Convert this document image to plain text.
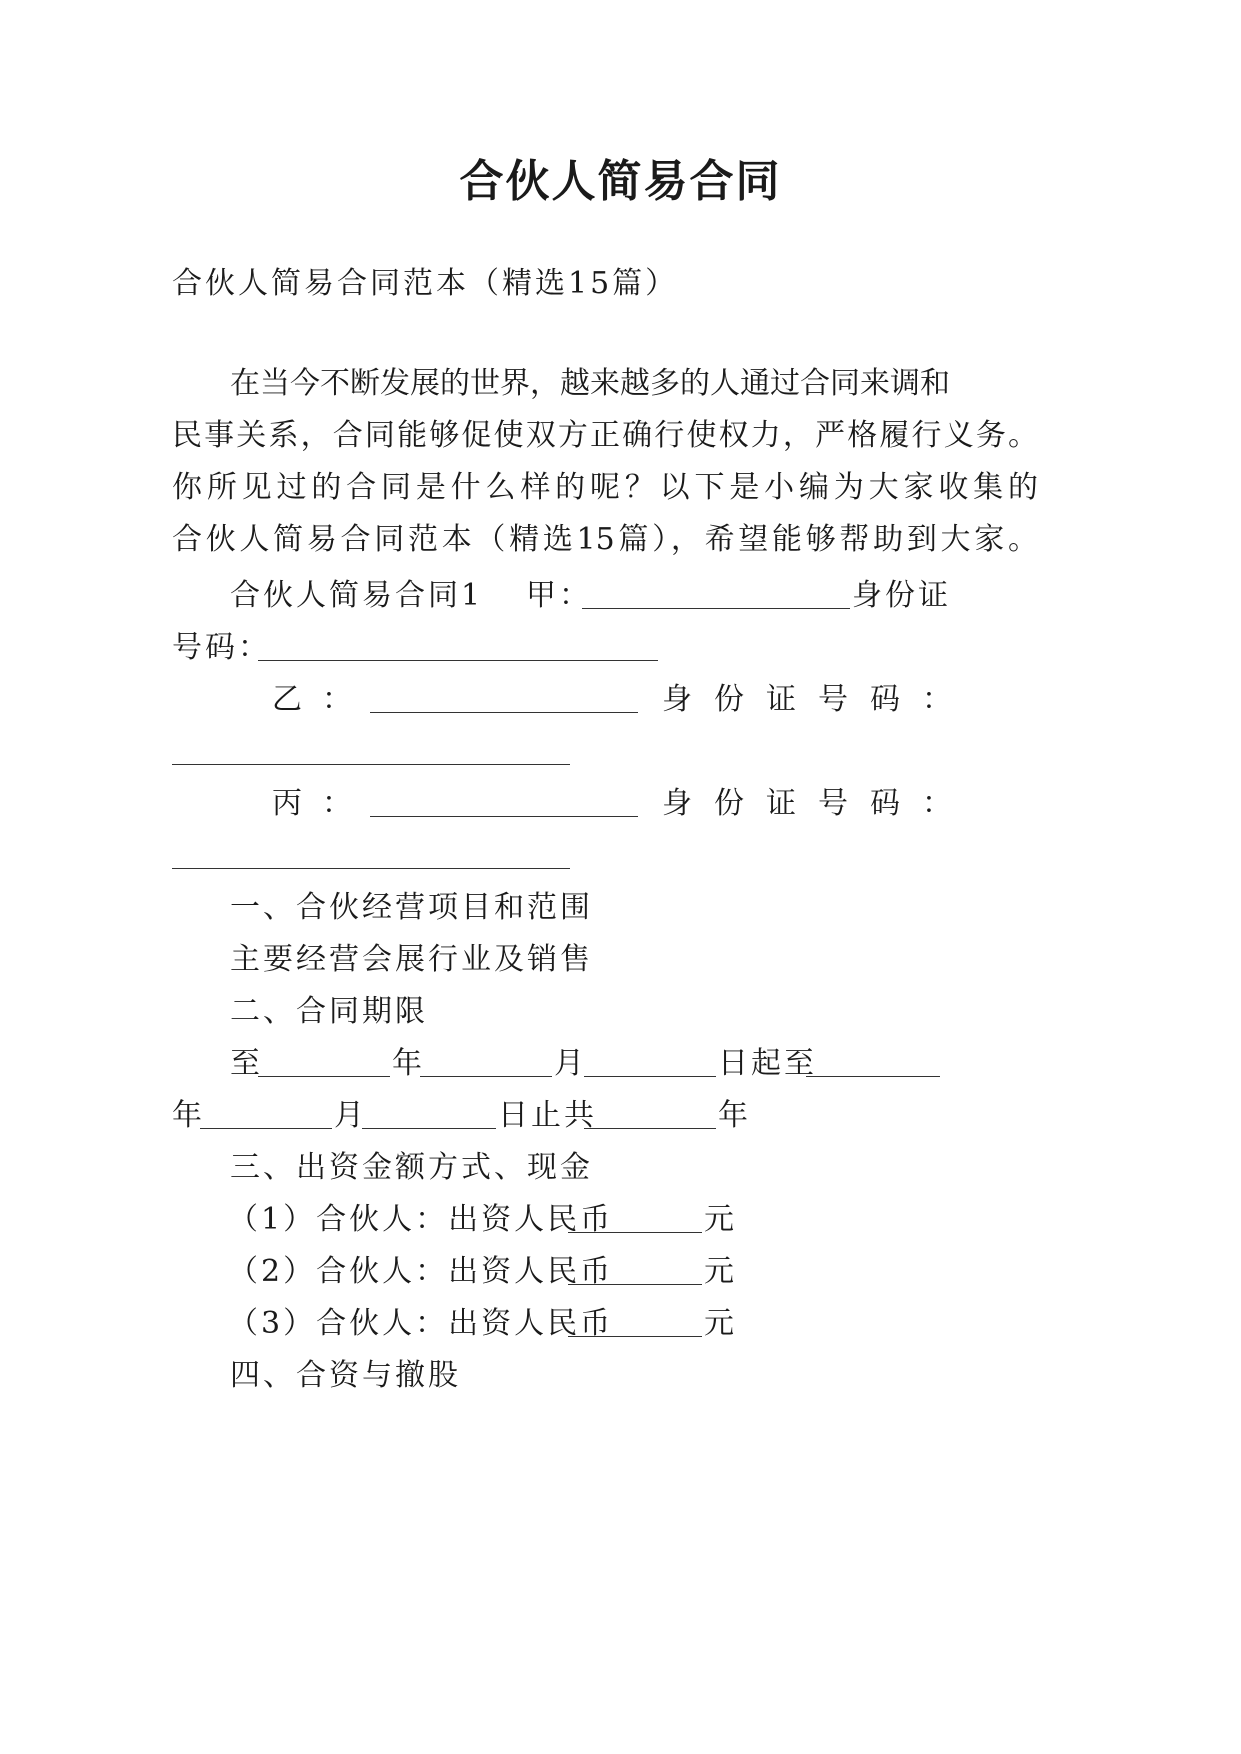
合伙人简易合同
合伙人简易合同范本（精选15篇）
在当今不断发展的世界，越来越多的人通过合同来调和
民事关系，合同能够促使双方正确行使权力，严格履行义务。
你所见过的合同是什么样的呢？以下是小编为大家收集的
合伙人简易合同范本（精选15篇），希望能够帮助到大家。
合伙人简易合同1 甲：	身份证
号码：
乙：	身份证号码：
丙：	身份证号码：
一、合伙经营项目和范围
主要经营会展行业及销售
二、合同期限
至	年	月	日起至
年	月	日止共	年
三、出资金额方式、现金
（1）合伙人：出资人民币	元
（2）合伙人：出资人民币	元
（3）合伙人：出资人民币	元
四、合资与撤股
